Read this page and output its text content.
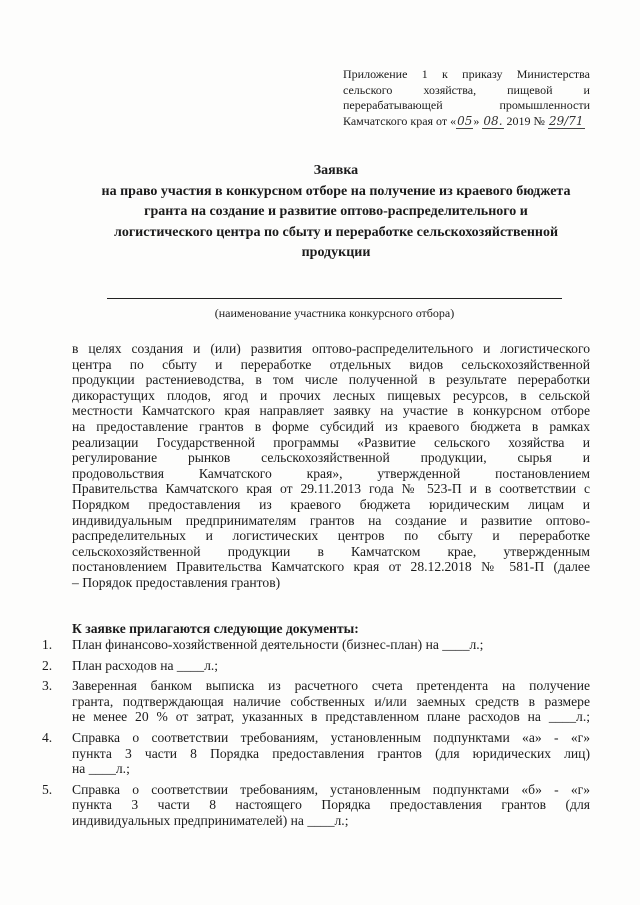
Приложение 1 к приказу Министерства
сельского	хозяйства,	пищевой	и
перерабатывающей	промышленности
Камчатского края от «05» 08. 2019 № 29/71
Заявка
на право участия в конкурсном отборе на получение из краевого бюджета
гранта на создание и развитие оптово-распределительного и
логистического центра по сбыту и переработке сельскохозяйственной
продукции
(наименование участника конкурсного отбора)
в целях создания и (или) развития оптово-распределительного и логистического
центра по сбыту и переработке отдельных видов сельскохозяйственной
продукции растениеводства, в том числе полученной в результате переработки
дикорастущих плодов, ягод и прочих лесных пищевых ресурсов, в сельской
местности Камчатского края направляет заявку на участие в конкурсном отборе
на предоставление грантов в форме субсидий из краевого бюджета в рамках
реализации Государственной программы «Развитие сельского хозяйства и
регулирование рынков сельскохозяйственной продукции, сырья и
продовольствия Камчатского края», утвержденной постановлением
Правительства Камчатского края от 29.11.2013 года № 523-П и в соответствии с
Порядком предоставления из краевого бюджета юридическим лицам и
индивидуальным предпринимателям грантов на создание и развитие оптово-
распределительных и логистических центров по сбыту и переработке
сельскохозяйственной продукции в Камчатском крае, утвержденным
постановлением Правительства Камчатского края от 28.12.2018 № 581-П (далее
– Порядок предоставления грантов)
К заявке прилагаются следующие документы:
1. План финансово-хозяйственной деятельности (бизнес-план) на ____л.;
2. План расходов на ____л.;
3. Заверенная банком выписка из расчетного счета претендента на получение
гранта, подтверждающая наличие собственных и/или заемных средств в размере
не менее 20 % от затрат, указанных в представленном плане расходов на ____л.;
4. Справка о соответствии требованиям, установленным подпунктами «а» - «г»
пункта 3 части 8 Порядка предоставления грантов (для юридических лиц)
на ____л.;
5. Справка о соответствии требованиям, установленным подпунктами «б» - «г»
пункта 3 части 8 настоящего Порядка предоставления грантов (для
индивидуальных предпринимателей) на ____л.;
